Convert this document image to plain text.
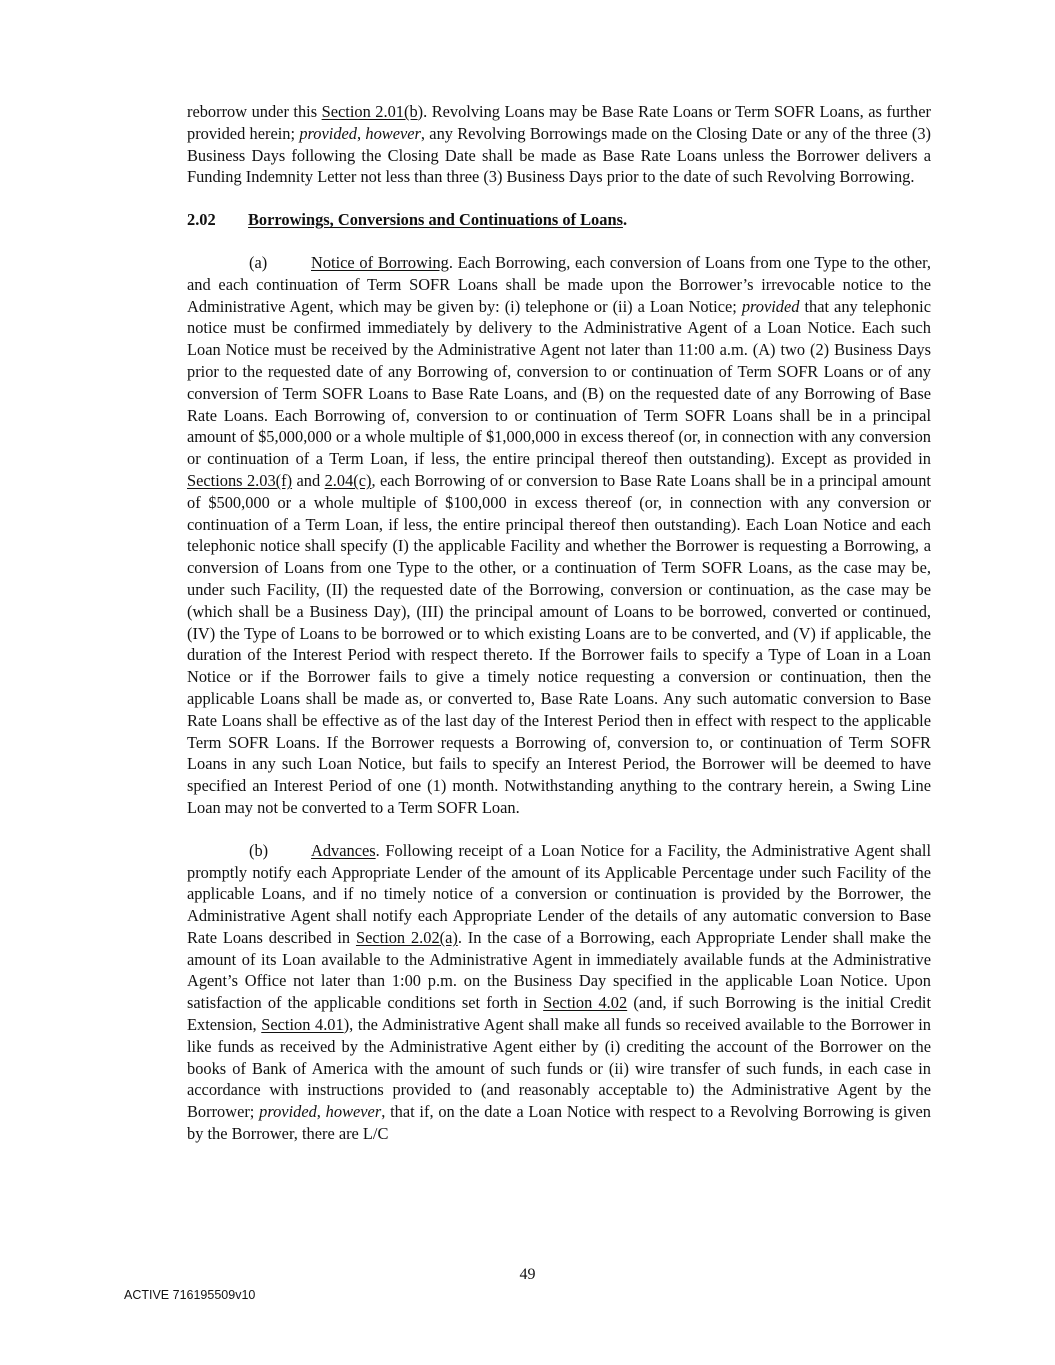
reborrow under this Section 2.01(b). Revolving Loans may be Base Rate Loans or Term SOFR Loans, as further provided herein; provided, however, any Revolving Borrowings made on the Closing Date or any of the three (3) Business Days following the Closing Date shall be made as Base Rate Loans unless the Borrower delivers a Funding Indemnity Letter not less than three (3) Business Days prior to the date of such Revolving Borrowing.

2.02 Borrowings, Conversions and Continuations of Loans.

(a)	Notice of Borrowing. Each Borrowing, each conversion of Loans from one Type to the other, and each continuation of Term SOFR Loans shall be made upon the Borrower’s irrevocable notice to the Administrative Agent, which may be given by: (i) telephone or (ii) a Loan Notice; provided that any telephonic notice must be confirmed immediately by delivery to the Administrative Agent of a Loan Notice. Each such Loan Notice must be received by the Administrative Agent not later than 11:00 a.m. (A) two (2) Business Days prior to the requested date of any Borrowing of, conversion to or continuation of Term SOFR Loans or of any conversion of Term SOFR Loans to Base Rate Loans, and (B) on the requested date of any Borrowing of Base Rate Loans. Each Borrowing of, conversion to or continuation of Term SOFR Loans shall be in a principal amount of $5,000,000 or a whole multiple of $1,000,000 in excess thereof (or, in connection with any conversion or continuation of a Term Loan, if less, the entire principal thereof then outstanding). Except as provided in Sections 2.03(f) and 2.04(c), each Borrowing of or conversion to Base Rate Loans shall be in a principal amount of $500,000 or a whole multiple of $100,000 in excess thereof (or, in connection with any conversion or continuation of a Term Loan, if less, the entire principal thereof then outstanding). Each Loan Notice and each telephonic notice shall specify (I) the applicable Facility and whether the Borrower is requesting a Borrowing, a conversion of Loans from one Type to the other, or a continuation of Term SOFR Loans, as the case may be, under such Facility, (II) the requested date of the Borrowing, conversion or continuation, as the case may be (which shall be a Business Day), (III) the principal amount of Loans to be borrowed, converted or continued, (IV) the Type of Loans to be borrowed or to which existing Loans are to be converted, and (V) if applicable, the duration of the Interest Period with respect thereto. If the Borrower fails to specify a Type of Loan in a Loan Notice or if the Borrower fails to give a timely notice requesting a conversion or continuation, then the applicable Loans shall be made as, or converted to, Base Rate Loans. Any such automatic conversion to Base Rate Loans shall be effective as of the last day of the Interest Period then in effect with respect to the applicable Term SOFR Loans. If the Borrower requests a Borrowing of, conversion to, or continuation of Term SOFR Loans in any such Loan Notice, but fails to specify an Interest Period, the Borrower will be deemed to have specified an Interest Period of one (1) month. Notwithstanding anything to the contrary herein, a Swing Line Loan may not be converted to a Term SOFR Loan.

(b)	Advances. Following receipt of a Loan Notice for a Facility, the Administrative Agent shall promptly notify each Appropriate Lender of the amount of its Applicable Percentage under such Facility of the applicable Loans, and if no timely notice of a conversion or continuation is provided by the Borrower, the Administrative Agent shall notify each Appropriate Lender of the details of any automatic conversion to Base Rate Loans described in Section 2.02(a). In the case of a Borrowing, each Appropriate Lender shall make the amount of its Loan available to the Administrative Agent in immediately available funds at the Administrative Agent’s Office not later than 1:00 p.m. on the Business Day specified in the applicable Loan Notice. Upon satisfaction of the applicable conditions set forth in Section 4.02 (and, if such Borrowing is the initial Credit Extension, Section 4.01), the Administrative Agent shall make all funds so received available to the Borrower in like funds as received by the Administrative Agent either by (i) crediting the account of the Borrower on the books of Bank of America with the amount of such funds or (ii) wire transfer of such funds, in each case in accordance with instructions provided to (and reasonably acceptable to) the Administrative Agent by the Borrower; provided, however, that if, on the date a Loan Notice with respect to a Revolving Borrowing is given by the Borrower, there are L/C

49
ACTIVE 716195509v10
